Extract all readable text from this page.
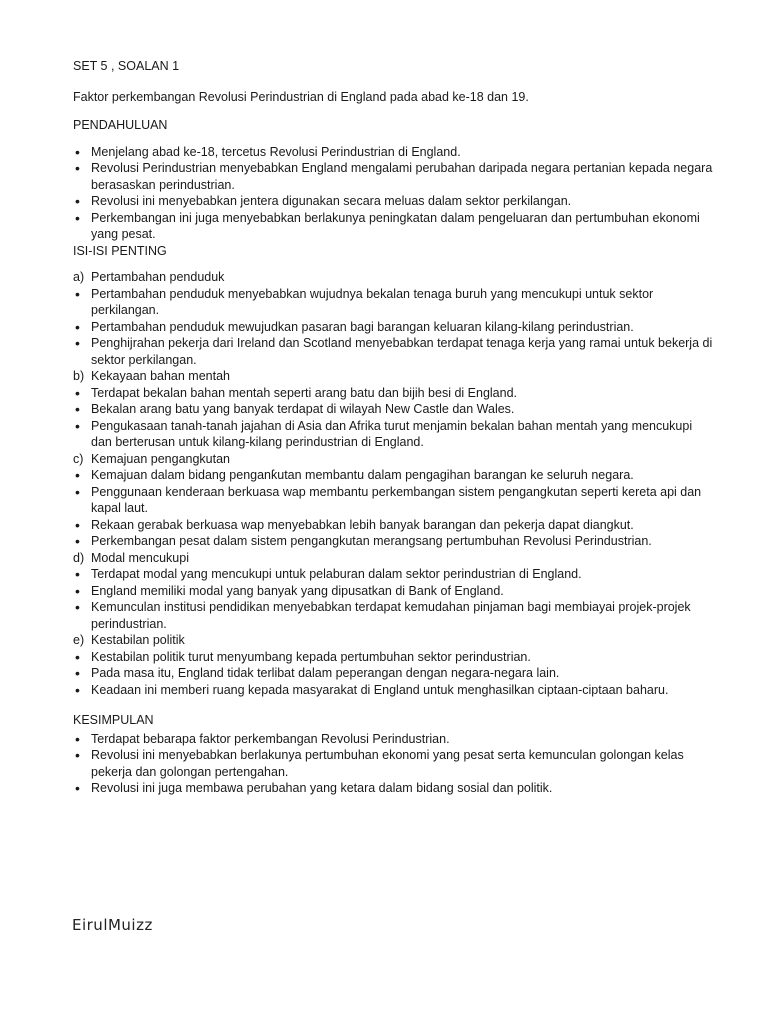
SET 5 , SOALAN 1

Faktor perkembangan Revolusi Perindustrian di England pada abad ke-18 dan 19.

PENDAHULUAN

• Menjelang abad ke-18, tercetus Revolusi Perindustrian di England.
• Revolusi Perindustrian menyebabkan England mengalami perubahan daripada negara pertanian kepada negara berasaskan perindustrian.
• Revolusi ini menyebabkan jentera digunakan secara meluas dalam sektor perkilangan.
• Perkembangan ini juga menyebabkan berlakunya peningkatan dalam pengeluaran dan pertumbuhan ekonomi yang pesat.

ISI-ISI PENTING

a) Pertambahan penduduk
• Pertambahan penduduk menyebabkan wujudnya bekalan tenaga buruh yang mencukupi untuk sektor perkilangan.
• Pertambahan penduduk mewujudkan pasaran bagi barangan keluaran kilang-kilang perindustrian.
• Penghijrahan pekerja dari Ireland dan Scotland menyebabkan terdapat tenaga kerja yang ramai untuk bekerja di sektor perkilangan.
b) Kekayaan bahan mentah
• Terdapat bekalan bahan mentah seperti arang batu dan bijih besi di England.
• Bekalan arang batu yang banyak terdapat di wilayah New Castle dan Wales.
• Pengukasaan tanah-tanah jajahan di Asia dan Afrika turut menjamin bekalan bahan mentah yang mencukupi dan berterusan untuk kilang-kilang perindustrian di England.
c) Kemajuan pengangkutan
• Kemajuan dalam bidang penganƙutan membantu dalam pengagihan barangan ke seluruh negara.
• Penggunaan kenderaan berkuasa wap membantu perkembangan sistem pengangkutan seperti kereta api dan kapal laut.
• Rekaan gerabak berkuasa wap menyebabkan lebih banyak barangan dan pekerja dapat diangkut.
• Perkembangan pesat dalam sistem pengangkutan merangsang pertumbuhan Revolusi Perindustrian.
d) Modal mencukupi
• Terdapat modal yang mencukupi untuk pelaburan dalam sektor perindustrian di England.
• England memiliki modal yang banyak yang dipusatkan di Bank of England.
• Kemunculan institusi pendidikan menyebabkan terdapat kemudahan pinjaman bagi membiayai projek-projek perindustrian.
e) Kestabilan politik
• Kestabilan politik turut menyumbang kepada pertumbuhan sektor perindustrian.
• Pada masa itu, England tidak terlibat dalam peperangan dengan negara-negara lain.
• Keadaan ini memberi ruang kepada masyarakat di England untuk menghasilkan ciptaan-ciptaan baharu.

KESIMPULAN

• Terdapat bebarapa faktor perkembangan Revolusi Perindustrian.
• Revolusi ini menyebabkan berlakunya pertumbuhan ekonomi yang pesat serta kemunculan golongan kelas pekerja dan golongan pertengahan.
• Revolusi ini juga membawa perubahan yang ketara dalam bidang sosial dan politik.
EirulMuizz
